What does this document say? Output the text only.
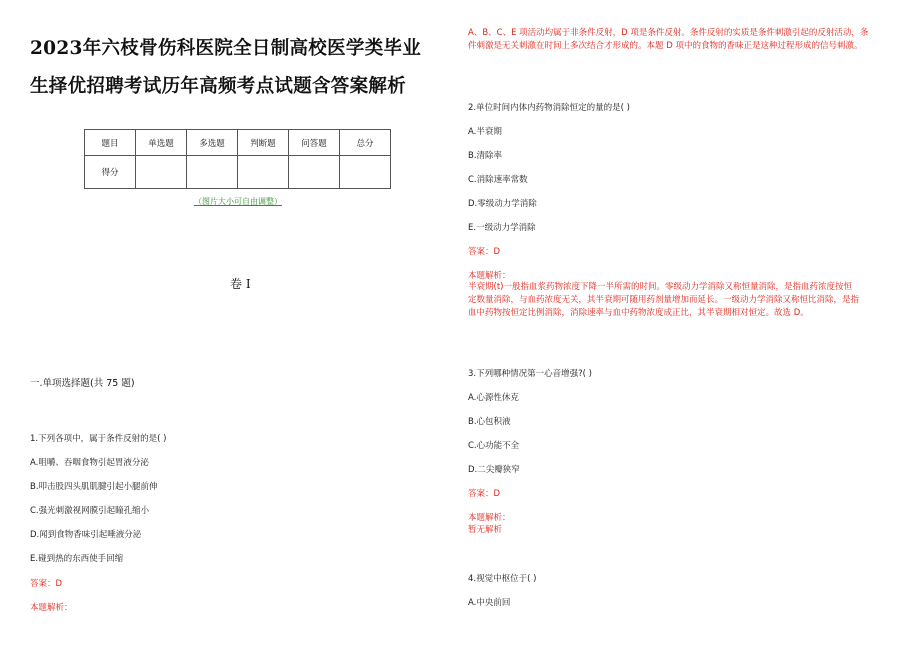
2023年六枝骨伤科医院全日制高校医学类毕业
生择优招聘考试历年高频考点试题含答案解析
题目	单选题	多选题	判断题	问答题	总分
得分					
（图片大小可自由调整）
卷 I
一.单项选择题(共 75 题)
1.下列各项中，属于条件反射的是( )
A.咀嚼、吞咽食物引起胃液分泌
B.叩击股四头肌肌腱引起小腿前伸
C.强光刺激视网膜引起瞳孔缩小
D.闻到食物香味引起唾液分泌
E.碰到热的东西使手回缩
答案：D
本题解析：
A、B、C、E 项活动均属于非条件反射，D 项是条件反射。条件反射的实质是条件刺激引起的反射活动，条
件刺激是无关刺激在时间上多次结合才形成的。本题 D 项中的食物的香味正是这种过程形成的信号刺激。
2.单位时间内体内药物消除恒定的量的是( )
A.半衰期
B.清除率
C.消除速率常数
D.零级动力学消除
E.一级动力学消除
答案：D
本题解析：
半衰期(t)一般指血浆药物浓度下降一半所需的时间。零级动力学消除又称恒量消除，是指血药浓度按恒
定数量消除，与血药浓度无关，其半衰期可随用药剂量增加而延长。一级动力学消除又称恒比消除，是指
血中药物按恒定比例消除，消除速率与血中药物浓度成正比，其半衰期相对恒定。故选 D。
3.下列哪种情况第一心音增强?( )
A.心源性休克
B.心包积液
C.心功能不全
D.二尖瓣狭窄
答案：D
本题解析：
暂无解析
4.视觉中枢位于( )
A.中央前回
